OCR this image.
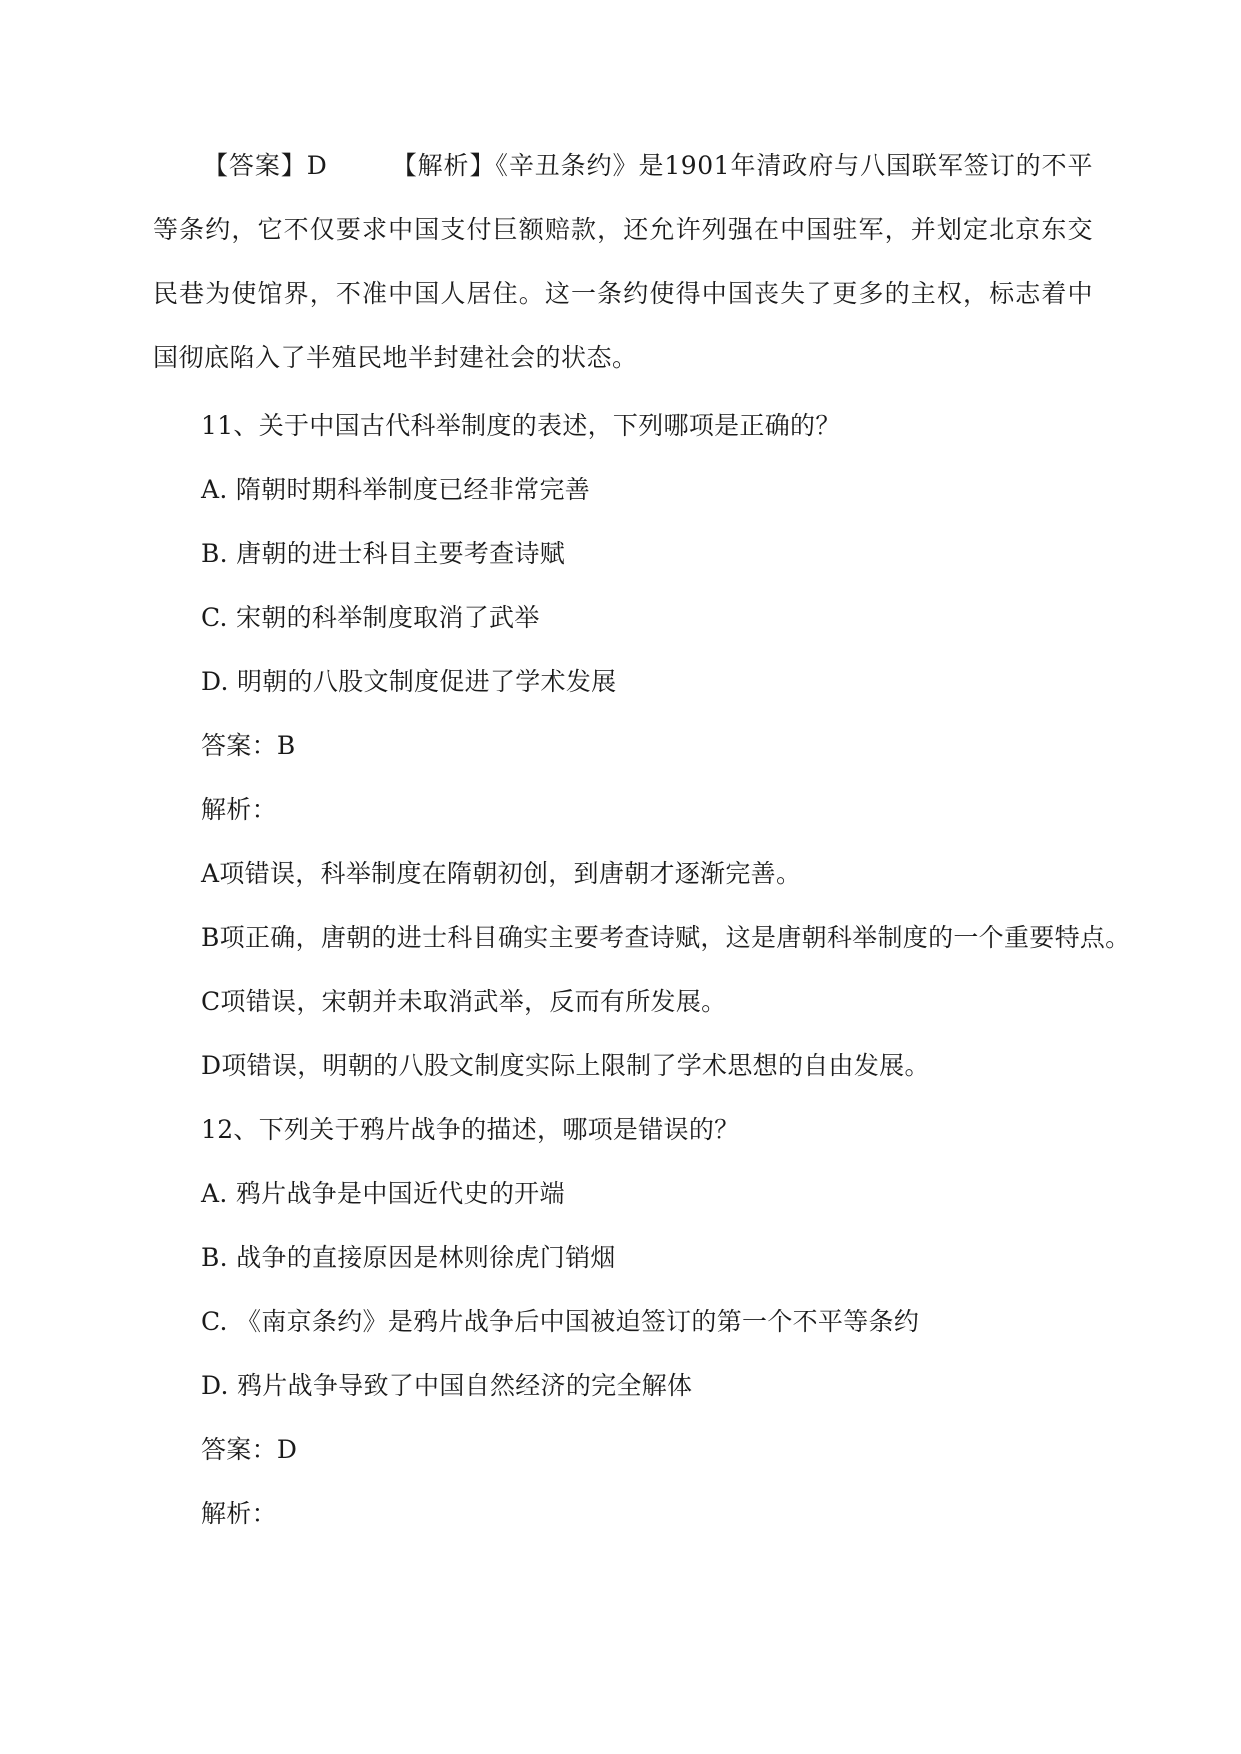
【答案】D	【解析】《辛丑条约》是1901年清政府与八国联军签订的不平等条约，它不仅要求中国支付巨额赔款，还允许列强在中国驻军，并划定北京东交民巷为使馆界，不准中国人居住。这一条约使得中国丧失了更多的主权，标志着中国彻底陷入了半殖民地半封建社会的状态。

11、关于中国古代科举制度的表述，下列哪项是正确的？

A. 隋朝时期科举制度已经非常完善

B. 唐朝的进士科目主要考查诗赋

C. 宋朝的科举制度取消了武举

D. 明朝的八股文制度促进了学术发展

答案：B

解析：

A项错误，科举制度在隋朝初创，到唐朝才逐渐完善。

B项正确，唐朝的进士科目确实主要考查诗赋，这是唐朝科举制度的一个重要特点。

C项错误，宋朝并未取消武举，反而有所发展。

D项错误，明朝的八股文制度实际上限制了学术思想的自由发展。

12、下列关于鸦片战争的描述，哪项是错误的？

A. 鸦片战争是中国近代史的开端

B. 战争的直接原因是林则徐虎门销烟

C. 《南京条约》是鸦片战争后中国被迫签订的第一个不平等条约

D. 鸦片战争导致了中国自然经济的完全解体

答案：D

解析：
